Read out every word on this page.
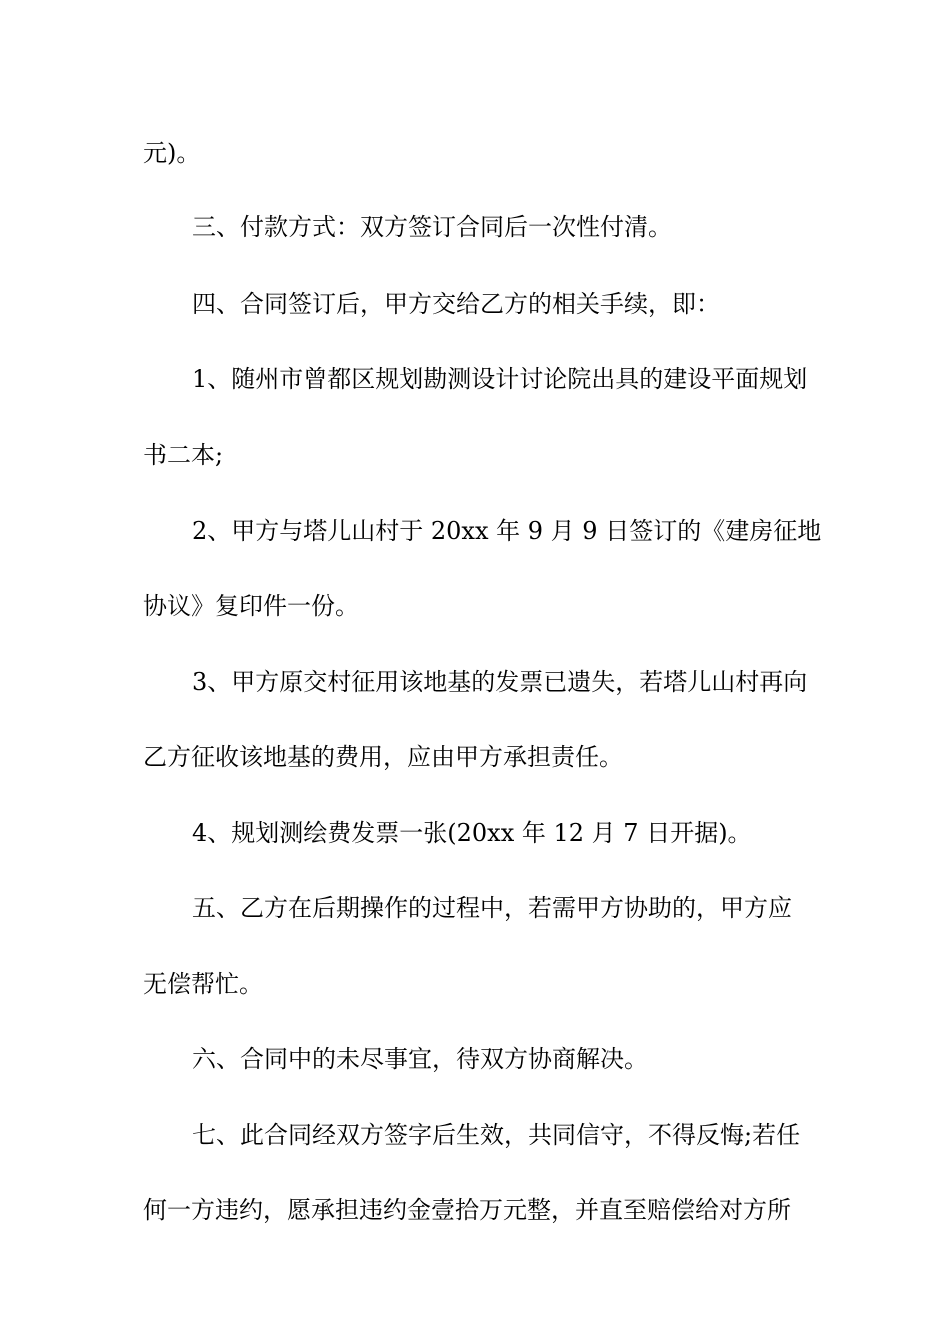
元)。
三、付款方式：双方签订合同后一次性付清。
四、合同签订后，甲方交给乙方的相关手续，即：
1、随州市曾都区规划勘测设计讨论院出具的建设平面规划
书二本;
2、甲方与塔儿山村于 20xx 年 9 月 9 日签订的《建房征地
协议》复印件一份。
3、甲方原交村征用该地基的发票已遗失，若塔儿山村再向
乙方征收该地基的费用，应由甲方承担责任。
4、规划测绘费发票一张(20xx 年 12 月 7 日开据)。
五、乙方在后期操作的过程中，若需甲方协助的，甲方应
无偿帮忙。
六、合同中的未尽事宜，待双方协商解决。
七、此合同经双方签字后生效，共同信守，不得反悔;若任
何一方违约，愿承担违约金壹拾万元整，并直至赔偿给对方所
